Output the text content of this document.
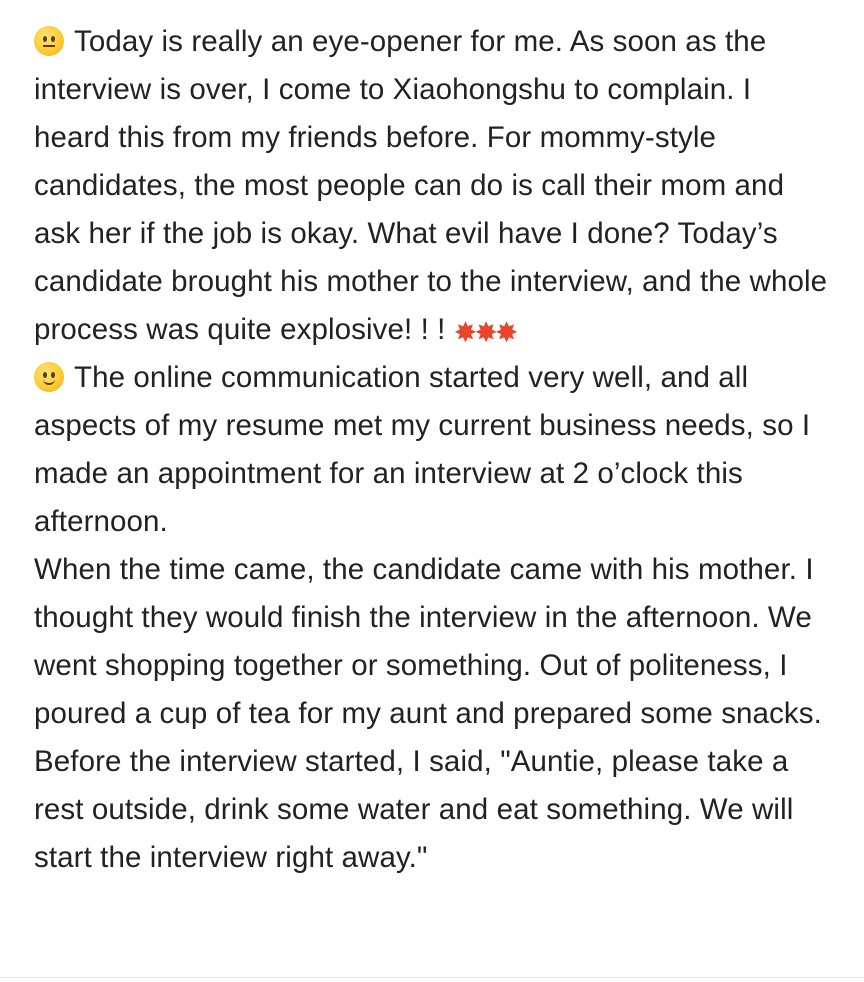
Today is really an eye-opener for me. As soon as the interview is over, I come to Xiaohongshu to complain. I heard this from my friends before. For mommy-style candidates, the most people can do is call their mom and ask her if the job is okay. What evil have I done? Today’s candidate brought his mother to the interview, and the whole process was quite explosive! ! ! ✸✸✸

The online communication started very well, and all aspects of my resume met my current business needs, so I made an appointment for an interview at 2 o’clock this afternoon.

When the time came, the candidate came with his mother. I thought they would finish the interview in the afternoon. We went shopping together or something. Out of politeness, I poured a cup of tea for my aunt and prepared some snacks. Before the interview started, I said, "Auntie, please take a rest outside, drink some water and eat something. We will start the interview right away."
